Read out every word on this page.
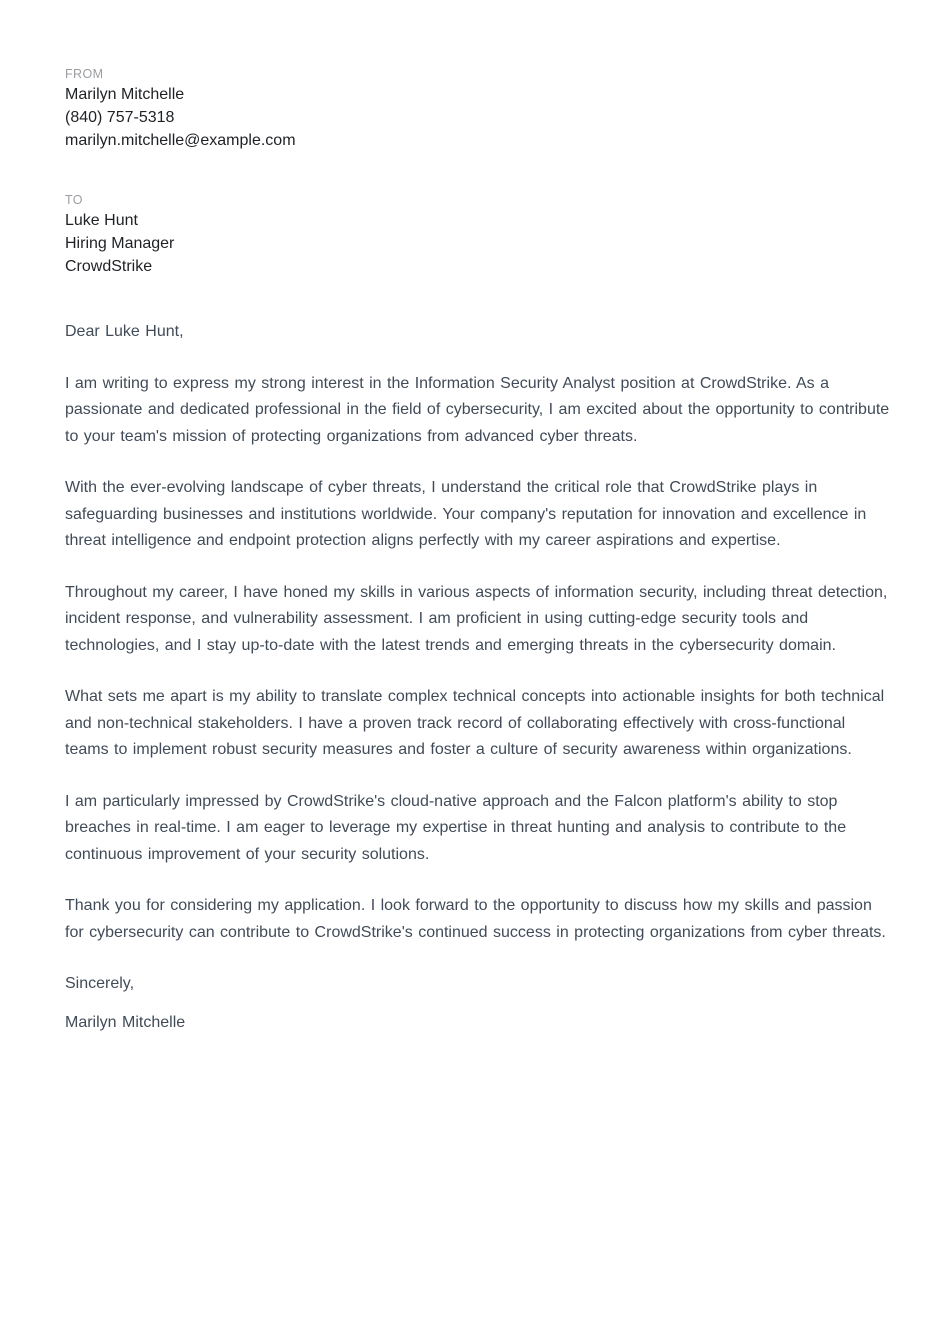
FROM
Marilyn Mitchelle
(840) 757-5318
marilyn.mitchelle@example.com
TO
Luke Hunt
Hiring Manager
CrowdStrike

Dear Luke Hunt,

I am writing to express my strong interest in the Information Security Analyst position at CrowdStrike. As a passionate and dedicated professional in the field of cybersecurity, I am excited about the opportunity to contribute to your team's mission of protecting organizations from advanced cyber threats.

With the ever-evolving landscape of cyber threats, I understand the critical role that CrowdStrike plays in safeguarding businesses and institutions worldwide. Your company's reputation for innovation and excellence in threat intelligence and endpoint protection aligns perfectly with my career aspirations and expertise.

Throughout my career, I have honed my skills in various aspects of information security, including threat detection, incident response, and vulnerability assessment. I am proficient in using cutting-edge security tools and technologies, and I stay up-to-date with the latest trends and emerging threats in the cybersecurity domain.

What sets me apart is my ability to translate complex technical concepts into actionable insights for both technical and non-technical stakeholders. I have a proven track record of collaborating effectively with cross-functional teams to implement robust security measures and foster a culture of security awareness within organizations.

I am particularly impressed by CrowdStrike's cloud-native approach and the Falcon platform's ability to stop breaches in real-time. I am eager to leverage my expertise in threat hunting and analysis to contribute to the continuous improvement of your security solutions.

Thank you for considering my application. I look forward to the opportunity to discuss how my skills and passion for cybersecurity can contribute to CrowdStrike's continued success in protecting organizations from cyber threats.

Sincerely,

Marilyn Mitchelle
